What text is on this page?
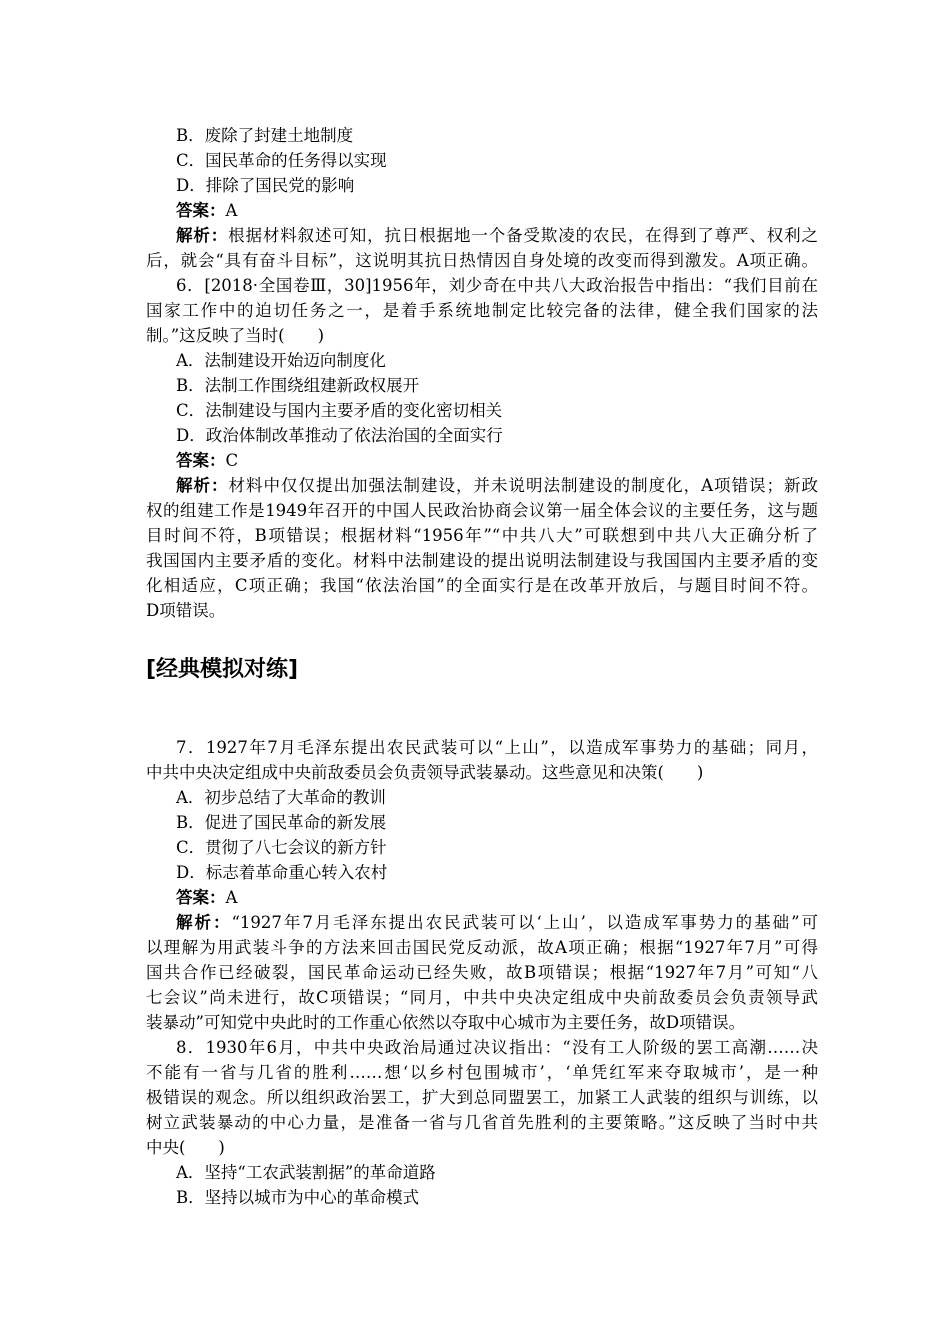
B．废除了封建土地制度
C．国民革命的任务得以实现
D．排除了国民党的影响
答案：A
解析：根据材料叙述可知，抗日根据地一个备受欺凌的农民，在得到了尊严、权利之
后，就会“具有奋斗目标”，这说明其抗日热情因自身处境的改变而得到激发。A项正确。
6．[2018·全国卷Ⅲ，30]1956年，刘少奇在中共八大政治报告中指出：“我们目前在
国家工作中的迫切任务之一，是着手系统地制定比较完备的法律，健全我们国家的法
制。”这反映了当时(　　)
A．法制建设开始迈向制度化
B．法制工作围绕组建新政权展开
C．法制建设与国内主要矛盾的变化密切相关
D．政治体制改革推动了依法治国的全面实行
答案：C
解析：材料中仅仅提出加强法制建设，并未说明法制建设的制度化，A项错误；新政
权的组建工作是1949年召开的中国人民政治协商会议第一届全体会议的主要任务，这与题
目时间不符，B项错误；根据材料“1956年”“中共八大”可联想到中共八大正确分析了
我国国内主要矛盾的变化。材料中法制建设的提出说明法制建设与我国国内主要矛盾的变
化相适应，C项正确；我国“依法治国”的全面实行是在改革开放后，与题目时间不符。
D项错误。
[经典模拟对练]
7．1927年7月毛泽东提出农民武装可以“上山”，以造成军事势力的基础；同月，
中共中央决定组成中央前敌委员会负责领导武装暴动。这些意见和决策(　　)
A．初步总结了大革命的教训
B．促进了国民革命的新发展
C．贯彻了八七会议的新方针
D．标志着革命重心转入农村
答案：A
解析：“1927年7月毛泽东提出农民武装可以‘上山’，以造成军事势力的基础”可
以理解为用武装斗争的方法来回击国民党反动派，故A项正确；根据“1927年7月”可得
国共合作已经破裂，国民革命运动已经失败，故B项错误；根据“1927年7月”可知“八
七会议”尚未进行，故C项错误；“同月，中共中央决定组成中央前敌委员会负责领导武
装暴动”可知党中央此时的工作重心依然以夺取中心城市为主要任务，故D项错误。
8．1930年6月，中共中央政治局通过决议指出：“没有工人阶级的罢工高潮……决
不能有一省与几省的胜利……想‘以乡村包围城市’，‘单凭红军来夺取城市’，是一种
极错误的观念。所以组织政治罢工，扩大到总同盟罢工，加紧工人武装的组织与训练，以
树立武装暴动的中心力量，是准备一省与几省首先胜利的主要策略。”这反映了当时中共
中央(　　)
A．坚持“工农武装割据”的革命道路
B．坚持以城市为中心的革命模式
